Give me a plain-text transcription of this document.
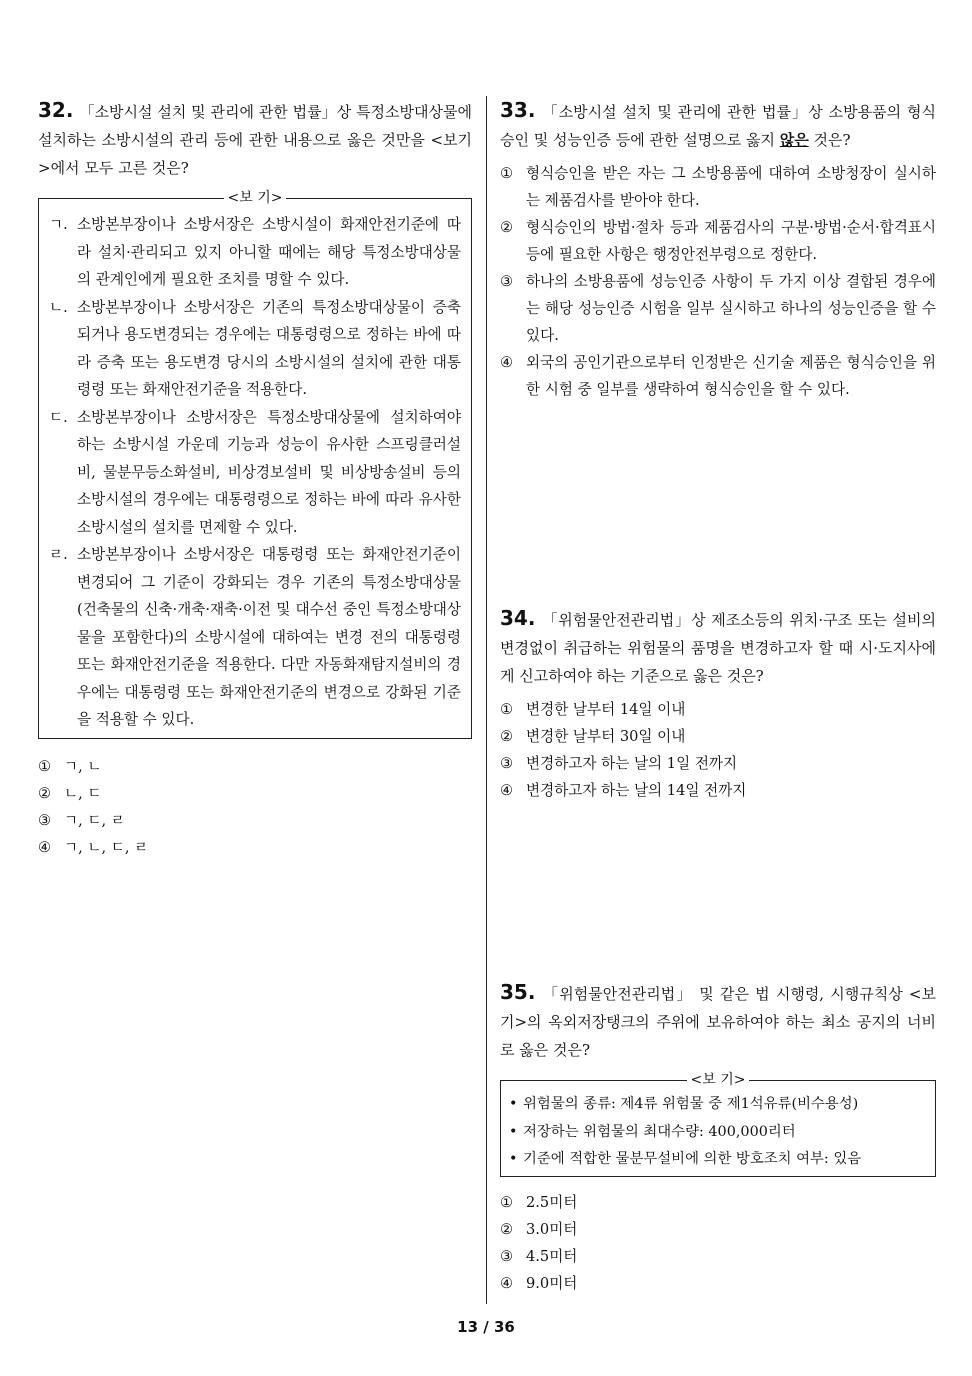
32. 「소방시설 설치 및 관리에 관한 법률」상 특정소방대상물에 설치하는 소방시설의 관리 등에 관한 내용으로 옳은 것만을 <보기>에서 모두 고른 것은?

<보 기>
ㄱ. 소방본부장이나 소방서장은 소방시설이 화재안전기준에 따라 설치·관리되고 있지 아니할 때에는 해당 특정소방대상물의 관계인에게 필요한 조치를 명할 수 있다.
ㄴ. 소방본부장이나 소방서장은 기존의 특정소방대상물이 증축되거나 용도변경되는 경우에는 대통령령으로 정하는 바에 따라 증축 또는 용도변경 당시의 소방시설의 설치에 관한 대통령령 또는 화재안전기준을 적용한다.
ㄷ. 소방본부장이나 소방서장은 특정소방대상물에 설치하여야 하는 소방시설 가운데 기능과 성능이 유사한 스프링클러설비, 물분무등소화설비, 비상경보설비 및 비상방송설비 등의 소방시설의 경우에는 대통령령으로 정하는 바에 따라 유사한 소방시설의 설치를 면제할 수 있다.
ㄹ. 소방본부장이나 소방서장은 대통령령 또는 화재안전기준이 변경되어 그 기준이 강화되는 경우 기존의 특정소방대상물(건축물의 신축·개축·재축·이전 및 대수선 중인 특정소방대상물을 포함한다)의 소방시설에 대하여는 변경 전의 대통령령 또는 화재안전기준을 적용한다. 다만 자동화재탐지설비의 경우에는 대통령령 또는 화재안전기준의 변경으로 강화된 기준을 적용할 수 있다.
① ㄱ, ㄴ
② ㄴ, ㄷ
③ ㄱ, ㄷ, ㄹ
④ ㄱ, ㄴ, ㄷ, ㄹ

33. 「소방시설 설치 및 관리에 관한 법률」상 소방용품의 형식승인 및 성능인증 등에 관한 설명으로 옳지 않은 것은?

① 형식승인을 받은 자는 그 소방용품에 대하여 소방청장이 실시하는 제품검사를 받아야 한다.
② 형식승인의 방법·절차 등과 제품검사의 구분·방법·순서·합격표시 등에 필요한 사항은 행정안전부령으로 정한다.
③ 하나의 소방용품에 성능인증 사항이 두 가지 이상 결합된 경우에는 해당 성능인증 시험을 일부 실시하고 하나의 성능인증을 할 수 있다.
④ 외국의 공인기관으로부터 인정받은 신기술 제품은 형식승인을 위한 시험 중 일부를 생략하여 형식승인을 할 수 있다.

34. 「위험물안전관리법」상 제조소등의 위치·구조 또는 설비의 변경없이 취급하는 위험물의 품명을 변경하고자 할 때 시·도지사에게 신고하여야 하는 기준으로 옳은 것은?

① 변경한 날부터 14일 이내
② 변경한 날부터 30일 이내
③ 변경하고자 하는 날의 1일 전까지
④ 변경하고자 하는 날의 14일 전까지

35. 「위험물안전관리법」 및 같은 법 시행령, 시행규칙상 <보기>의 옥외저장탱크의 주위에 보유하여야 하는 최소 공지의 너비로 옳은 것은?

<보 기>
• 위험물의 종류: 제4류 위험물 중 제1석유류(비수용성)
• 저장하는 위험물의 최대수량: 400,000리터
• 기준에 적합한 물분무설비에 의한 방호조치 여부: 있음
① 2.5미터
② 3.0미터
③ 4.5미터
④ 9.0미터
13 / 36
